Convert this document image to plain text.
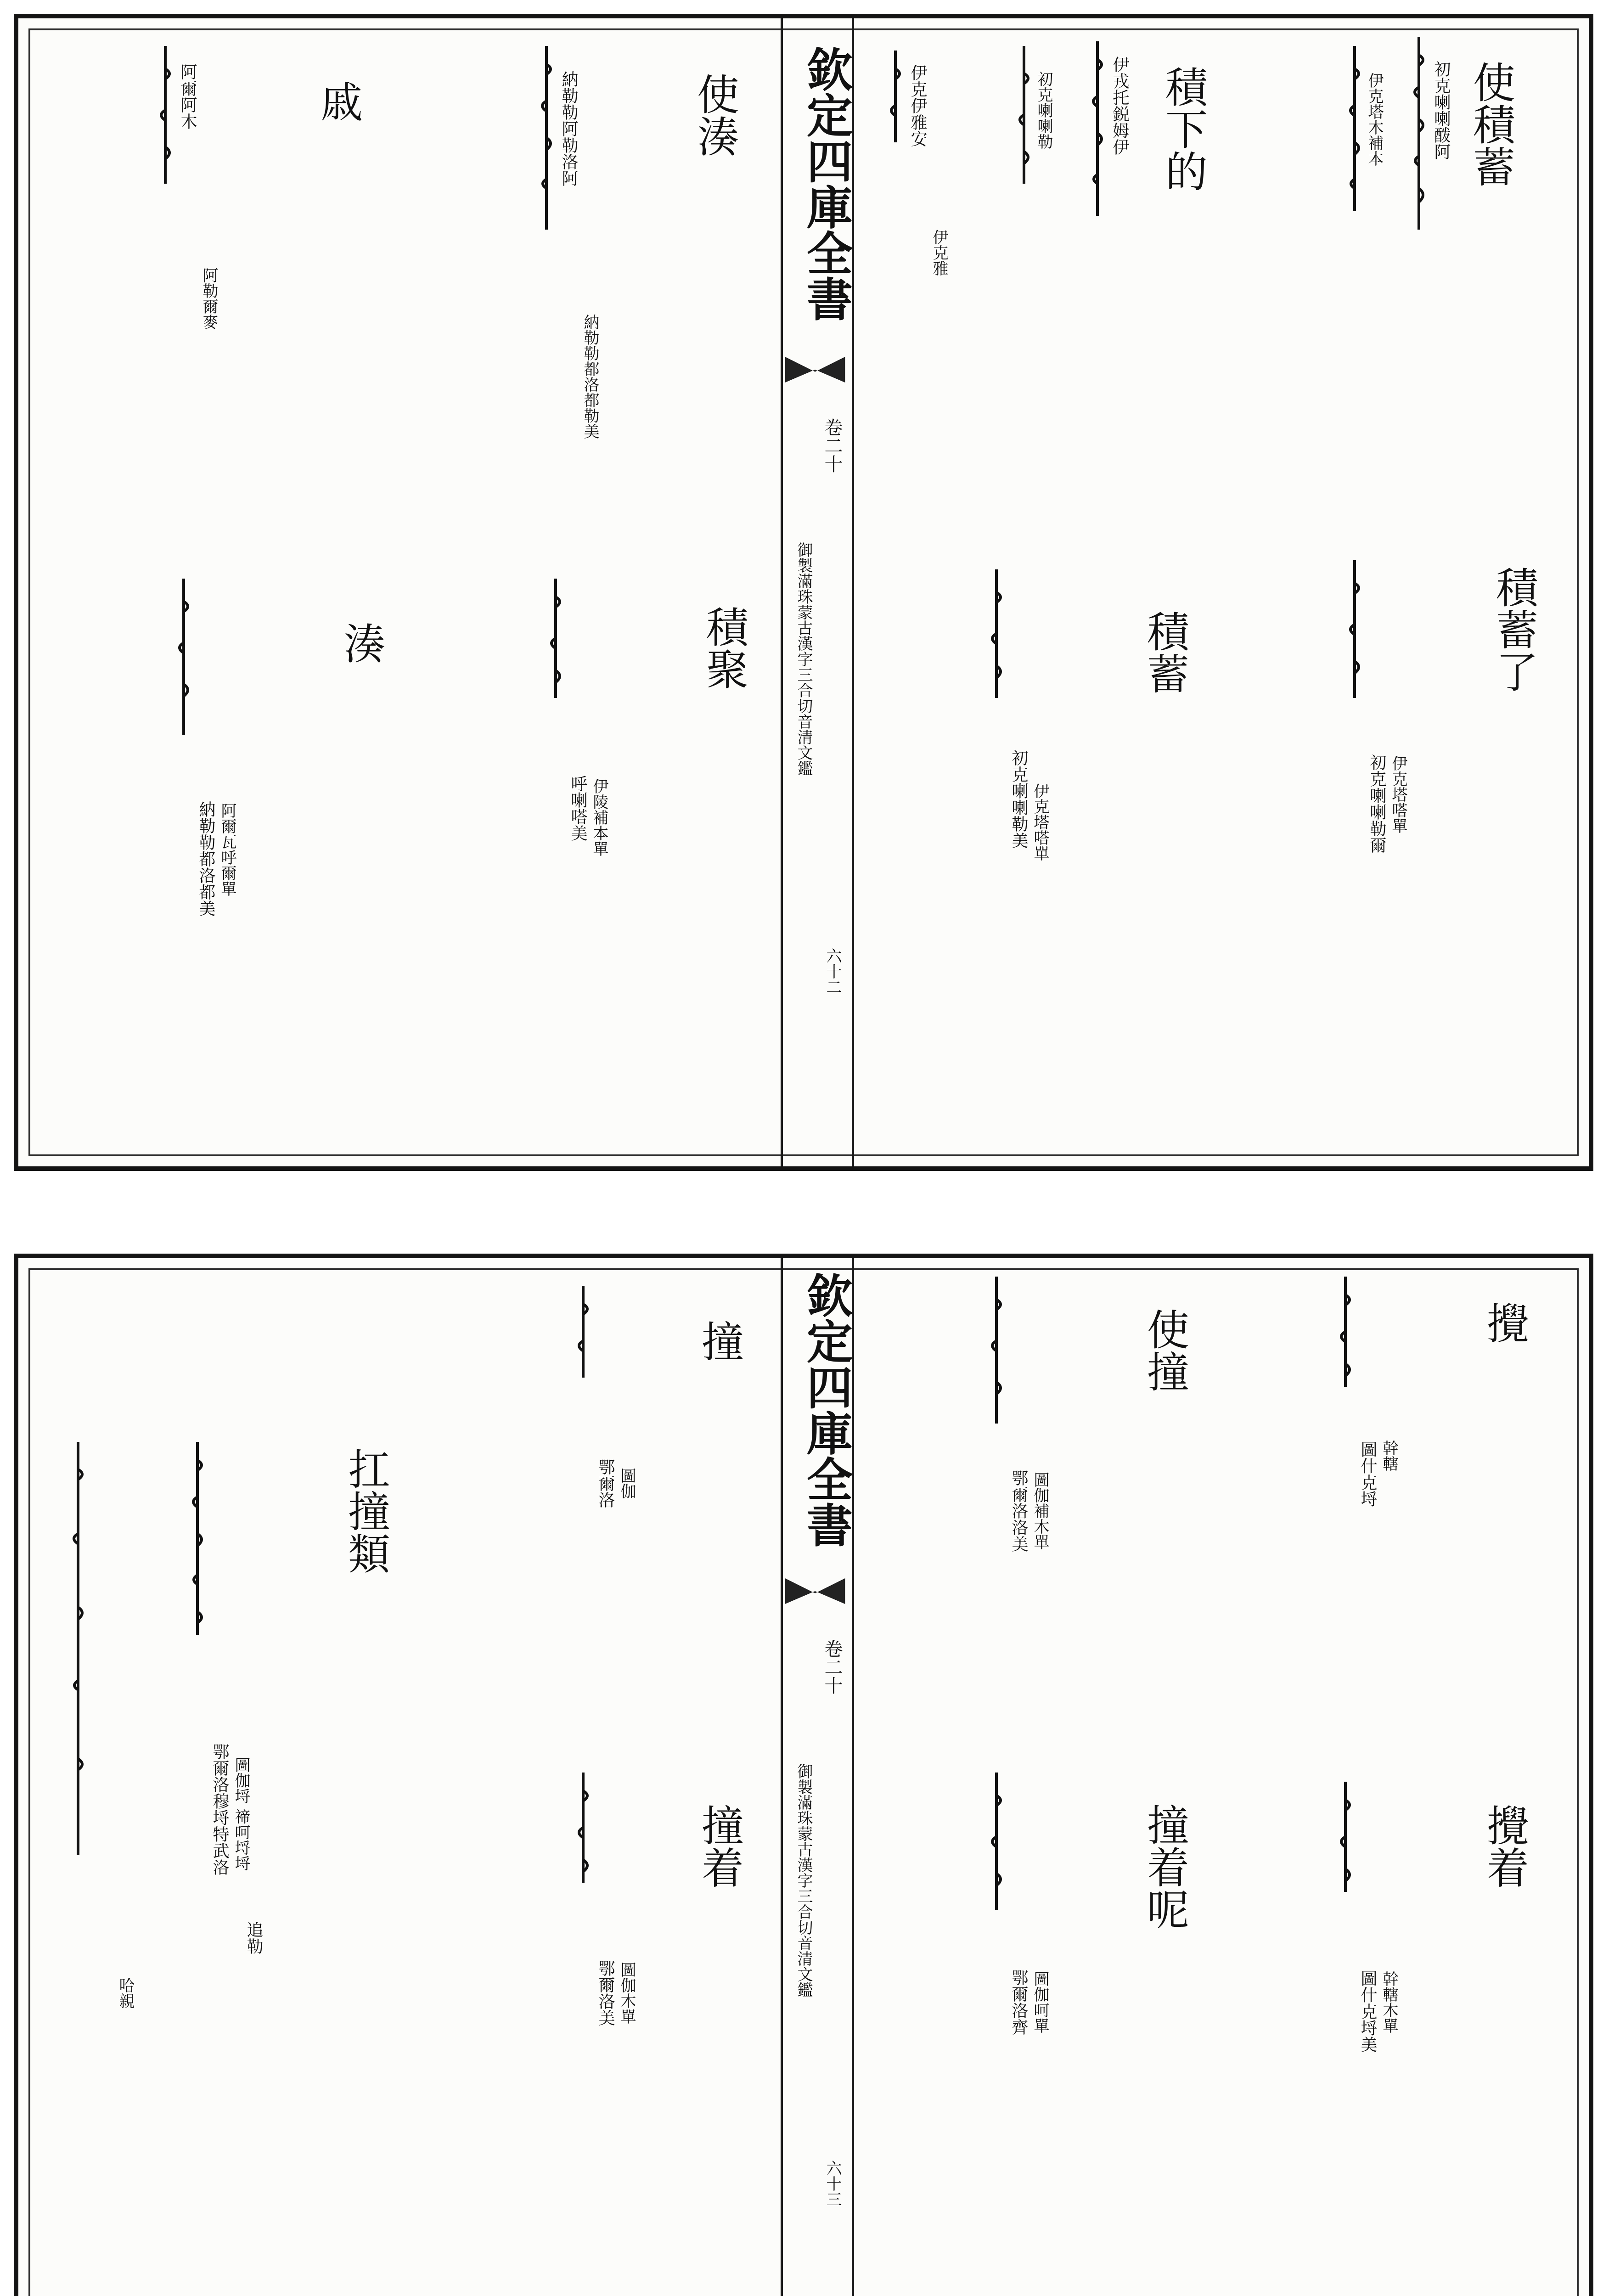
欽定四庫全書
御製滿珠蒙古漢字三合切音清文鑑
卷二十
六十二
使積蓄
初克喇喇酦阿
伊克塔木補本
積下的
伊戎托鋭姆伊
初克喇喇勒
伊克伊雅安
伊克雅
使湊
納勒勒阿勒洛阿
納勒勒都洛都勒美
戚
阿爾阿木
阿勒爾麥
積蓄了
初克喇喇勒爾 伊克塔嗒單
積蓄
初克喇喇勒美 伊克塔嗒單
積聚
呼喇嗒美 伊陵補本單
湊
納勒勒都洛都美 阿爾瓦呼爾單
欽定四庫全書
御製滿珠蒙古漢字三合切音清文鑑
卷二十
六十三
攪
圖什克埒 幹轄
使撞
鄂爾洛洛美 圖伽補木單
撞
鄂爾洛 圖伽
扛撞類
鄂爾洛穆埒特武洛 圖伽埒 禘呵埒埒	攪着
圖什克埒美 幹轄木單
撞着呢
鄂爾洛齊 圖伽呵單
撞着
鄂爾洛美 圖伽木單
追勒
哈親
